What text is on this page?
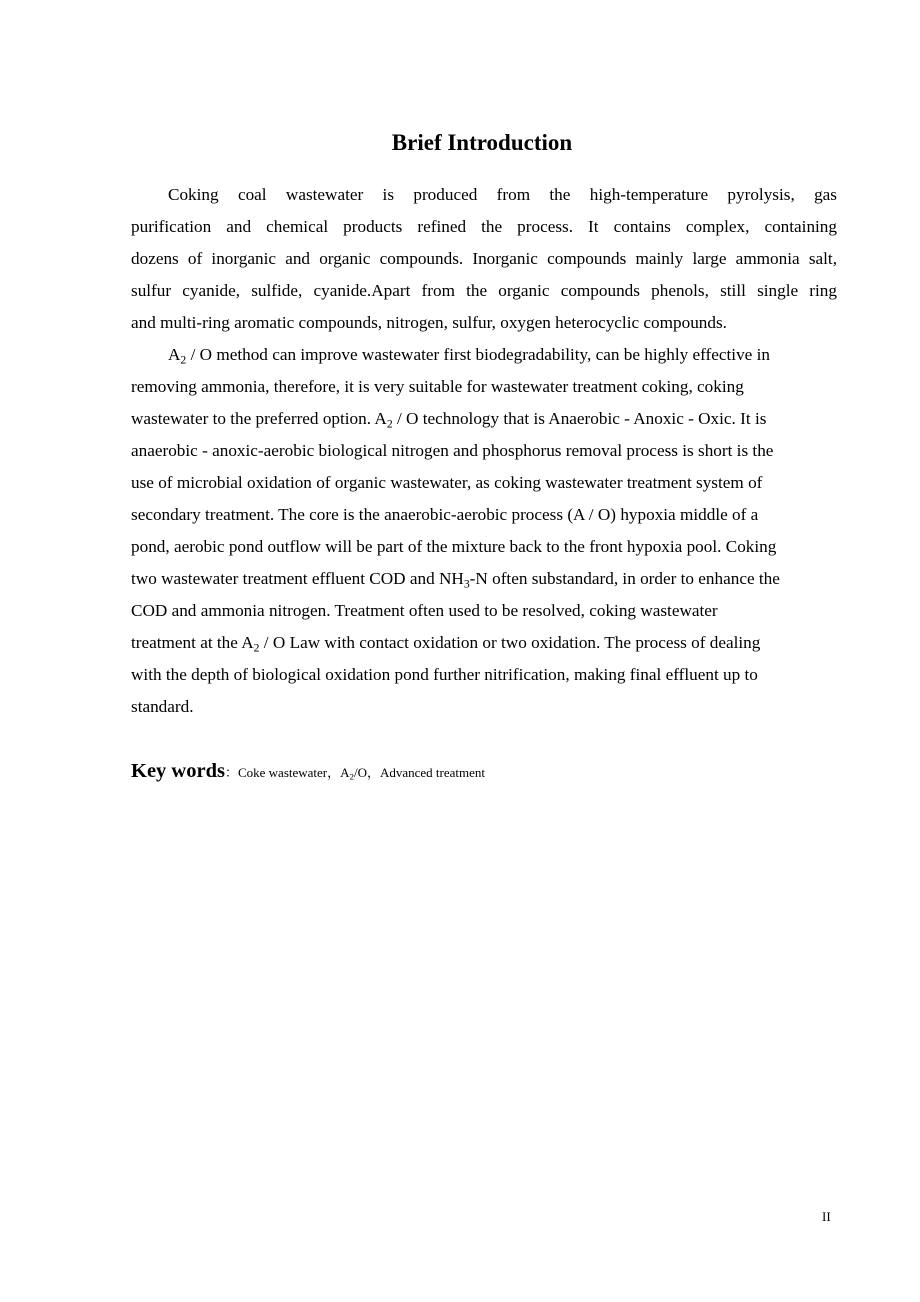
Brief Introduction

Coking coal wastewater is produced from the high-temperature pyrolysis, gas
purification and chemical products refined the process. It contains complex, containing
dozens of inorganic and organic compounds. Inorganic compounds mainly large ammonia salt,
sulfur cyanide, sulfide, cyanide.Apart from the organic compounds phenols, still single ring
and multi-ring aromatic compounds, nitrogen, sulfur, oxygen heterocyclic compounds.

$A_2$ / O method can improve wastewater first biodegradability, can be highly effective in
removing ammonia, therefore, it is very suitable for wastewater treatment coking, coking
wastewater to the preferred option. $A_2$ / O technology that is Anaerobic - Anoxic - Oxic. It is
anaerobic - anoxic-aerobic biological nitrogen and phosphorus removal process is short is the
use of microbial oxidation of organic wastewater, as coking wastewater treatment system of
secondary treatment. The core is the anaerobic-aerobic process (A / O) hypoxia middle of a
pond, aerobic pond outflow will be part of the mixture back to the front hypoxia pool. Coking
two wastewater treatment effluent COD and $NH_3-N$ often substandard, in order to enhance the
COD and ammonia nitrogen. Treatment often used to be resolved, coking wastewater
treatment at the $A_2$ / O Law with contact oxidation or two oxidation. The process of dealing
with the depth of biological oxidation pond further nitrification, making final effluent up to
standard.

Key words：Coke wastewater，$A_2/O$，Advanced treatment
II
